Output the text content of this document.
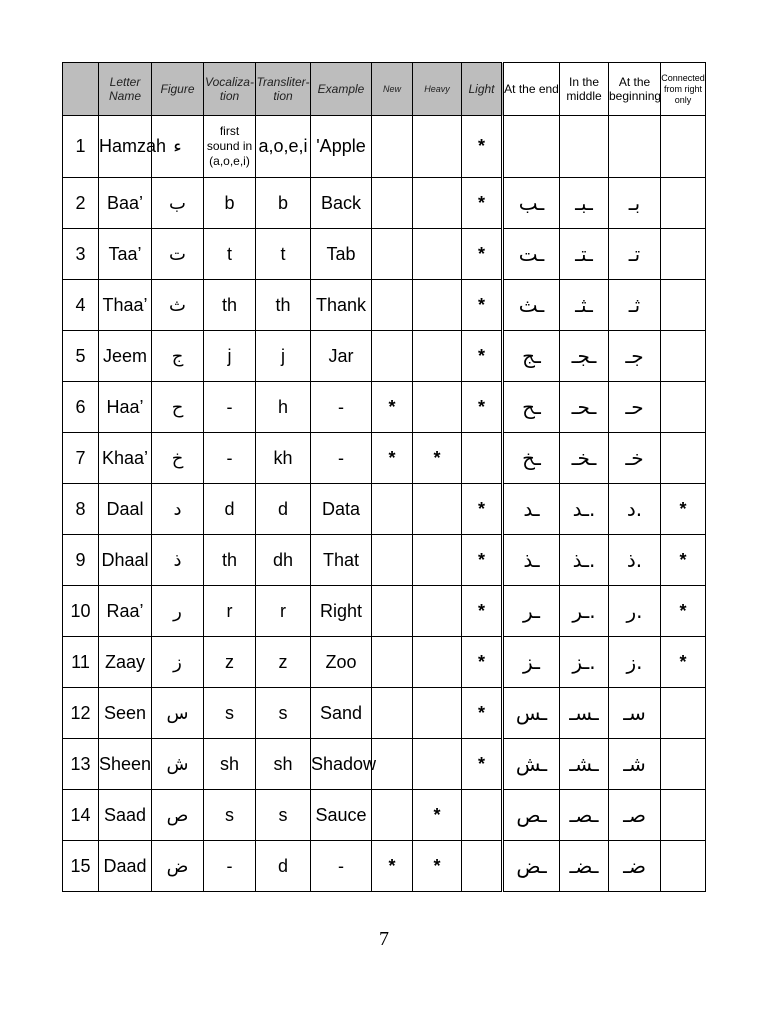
	Letter Name	Figure	Vocaliza-tion	Transliter-tion	Example	New	Heavy	Light	At the end	In the middle	At the beginning	Connected from right only
1	Hamzah	ء	first sound in (a,o,e,i)	a,o,e,i	'Apple			*				
2	Baa’	ب	b	b	Back			*	ـب	ـبـ	بـ	
3	Taa’	ت	t	t	Tab			*	ـت	ـتـ	تـ	
4	Thaa’	ث	th	th	Thank			*	ـث	ـثـ	ثـ	
5	Jeem	ج	j	j	Jar			*	ـج	ـجـ	جـ	
6	Haa’	ح	-	h	-	*		*	ـح	ـحـ	حـ	
7	Khaa’	خ	-	kh	-	*	*		ـخ	ـخـ	خـ	
8	Daal	د	d	d	Data			*	ـد	ـد.	د.	*
9	Dhaal	ذ	th	dh	That			*	ـذ	ـذ.	ذ.	*
10	Raa’	ر	r	r	Right			*	ـر	ـر.	ر.	*
11	Zaay	ز	z	z	Zoo			*	ـز	ـز.	ز.	*
12	Seen	س	s	s	Sand			*	ـس	ـسـ	سـ	
13	Sheen	ش	sh	sh	Shadow			*	ـش	ـشـ	شـ	
14	Saad	ص	s	s	Sauce		*		ـص	ـصـ	صـ	
15	Daad	ض	-	d	-	*	*		ـض	ـضـ	ضـ	
7
